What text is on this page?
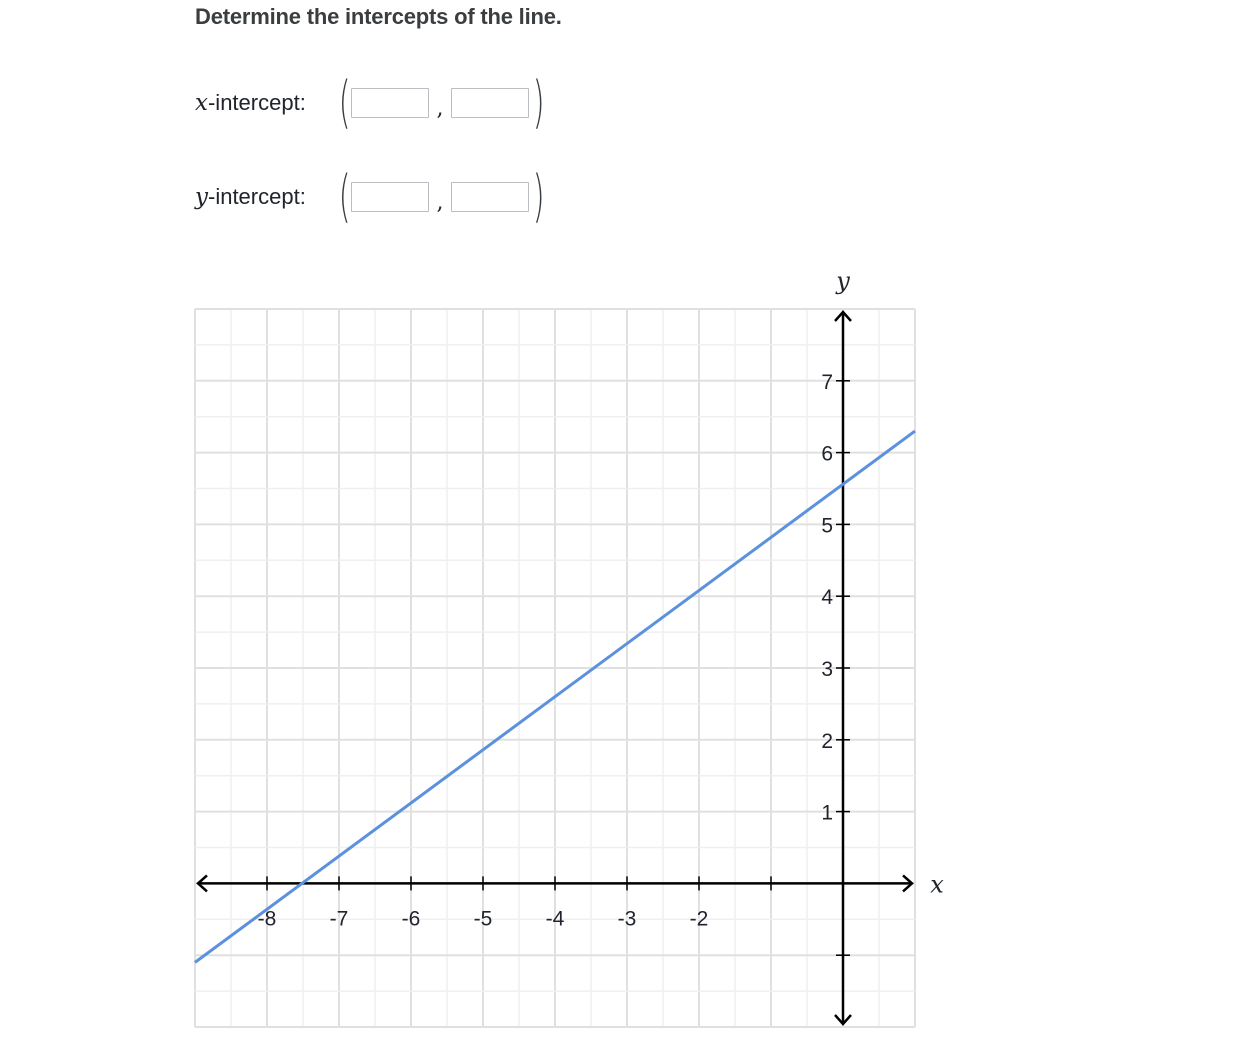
Determine the intercepts of the line.
x -intercept: (	, )
y -intercept: (	, )
-8	-7	-6	-5	-4	-3	-2
1
2
3
4
5
6
7
x
y
